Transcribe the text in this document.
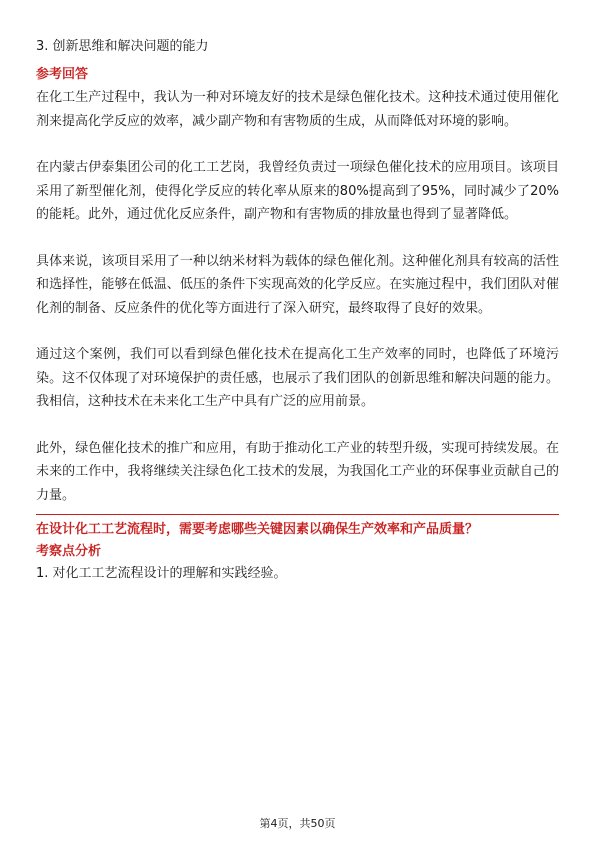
3. 创新思维和解决问题的能力

参考回答

在化工生产过程中，我认为一种对环境友好的技术是绿色催化技术。这种技术通过使用催化剂来提高化学反应的效率，减少副产物和有害物质的生成，从而降低对环境的影响。

在内蒙古伊泰集团公司的化工工艺岗，我曾经负责过一项绿色催化技术的应用项目。该项目采用了新型催化剂，使得化学反应的转化率从原来的80%提高到了95%，同时减少了20%的能耗。此外，通过优化反应条件，副产物和有害物质的排放量也得到了显著降低。

具体来说，该项目采用了一种以纳米材料为载体的绿色催化剂。这种催化剂具有较高的活性和选择性，能够在低温、低压的条件下实现高效的化学反应。在实施过程中，我们团队对催化剂的制备、反应条件的优化等方面进行了深入研究，最终取得了良好的效果。

通过这个案例，我们可以看到绿色催化技术在提高化工生产效率的同时，也降低了环境污染。这不仅体现了对环境保护的责任感，也展示了我们团队的创新思维和解决问题的能力。我相信，这种技术在未来化工生产中具有广泛的应用前景。

此外，绿色催化技术的推广和应用，有助于推动化工产业的转型升级，实现可持续发展。在未来的工作中，我将继续关注绿色化工技术的发展，为我国化工产业的环保事业贡献自己的力量。

在设计化工工艺流程时，需要考虑哪些关键因素以确保生产效率和产品质量？

考察点分析

1. 对化工工艺流程设计的理解和实践经验。

第4页，共50页
